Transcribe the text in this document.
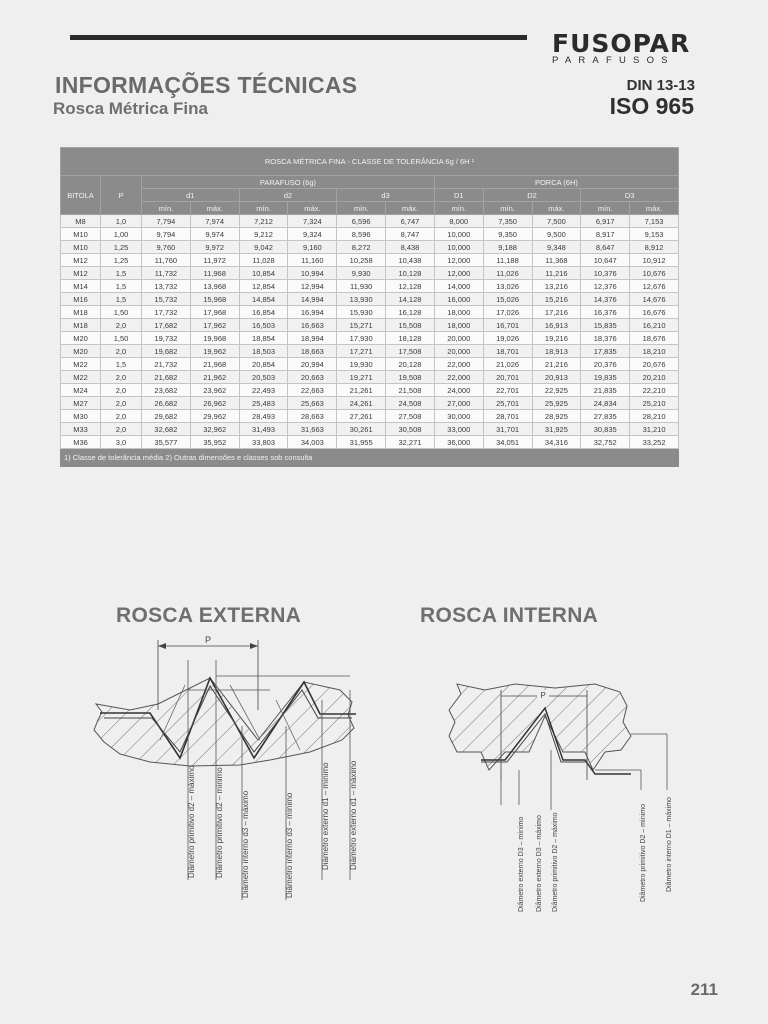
FUSOPAR
PARAFUSOS
INFORMAÇÕES TÉCNICAS
Rosca Métrica Fina
DIN 13-13
ISO 965
ROSCA MÉTRICA FINA - CLASSE DE TOLERÂNCIA 6g / 6H ¹												
BITOLA	P	PARAFUSO (6g)						PORCA (6H)				
		d1		d2		d3		D1	D2		D3	
		mín.	máx.	mín.	máx.	mín.	máx.	mín.	mín.	máx.	mín.	máx.
M8	1,0	7,794	7,974	7,212	7,324	6,596	6,747	8,000	7,350	7,500	6,917	7,153
M10	1,00	9,794	9,974	9,212	9,324	8,596	8,747	10,000	9,350	9,500	8,917	9,153
M10	1,25	9,760	9,972	9,042	9,160	8,272	8,438	10,000	9,188	9,348	8,647	8,912
M12	1,25	11,760	11,972	11,028	11,160	10,258	10,438	12,000	11,188	11,368	10,647	10,912
M12	1,5	11,732	11,968	10,854	10,994	9,930	10,128	12,000	11,026	11,216	10,376	10,676
M14	1,5	13,732	13,968	12,854	12,994	11,930	12,128	14,000	13,026	13,216	12,376	12,676
M16	1,5	15,732	15,968	14,854	14,994	13,930	14,128	16,000	15,026	15,216	14,376	14,676
M18	1,50	17,732	17,968	16,854	16,994	15,930	16,128	18,000	17,026	17,216	16,376	16,676
M18	2,0	17,682	17,962	16,503	16,663	15,271	15,508	18,000	16,701	16,913	15,835	16,210
M20	1,50	19,732	19,968	18,854	18,994	17,930	18,128	20,000	19,026	19,216	18,376	18,676
M20	2,0	19,682	19,962	18,503	18,663	17,271	17,508	20,000	18,701	18,913	17,835	18,210
M22	1,5	21,732	21,968	20,854	20,994	19,930	20,128	22,000	21,026	21,216	20,376	20,676
M22	2,0	21,682	21,962	20,503	20,663	19,271	19,508	22,000	20,701	20,913	19,835	20,210
M24	2,0	23,682	23,962	22,493	22,663	21,261	21,508	24,000	22,701	22,925	21,835	22,210
M27	2,0	26,682	26,962	25,483	25,663	24,261	24,508	27,000	25,701	25,925	24,834	25,210
M30	2,0	29,682	29,962	28,493	28,663	27,261	27,508	30,000	28,701	28,925	27,835	28,210
M33	2,0	32,682	32,962	31,493	31,663	30,261	30,508	33,000	31,701	31,925	30,835	31,210
M36	3,0	35,577	35,952	33,803	34,003	31,955	32,271	36,000	34,051	34,316	32,752	33,252
1) Classe de tolerância média 2) Outras dimensões e classes sob consulta												
ROSCA EXTERNA	ROSCA INTERNA
P
Diâmetro primitivo d2 – máximo Diâmetro primitivo d2 – mínimo Diâmetro interno d3 – máximo	Diâmetro interno d3 – mínimo	Diâmetro externo d1 – mínimo Diâmetro externo d1 – máximo
P
Diâmetro externo D3 – mínimo Diâmetro externo D3 – máximo Diâmetro primitivo D2 – máximo	Diâmetro primitivo D2 – mínimo	Diâmetro interno D1 – máximo
211
